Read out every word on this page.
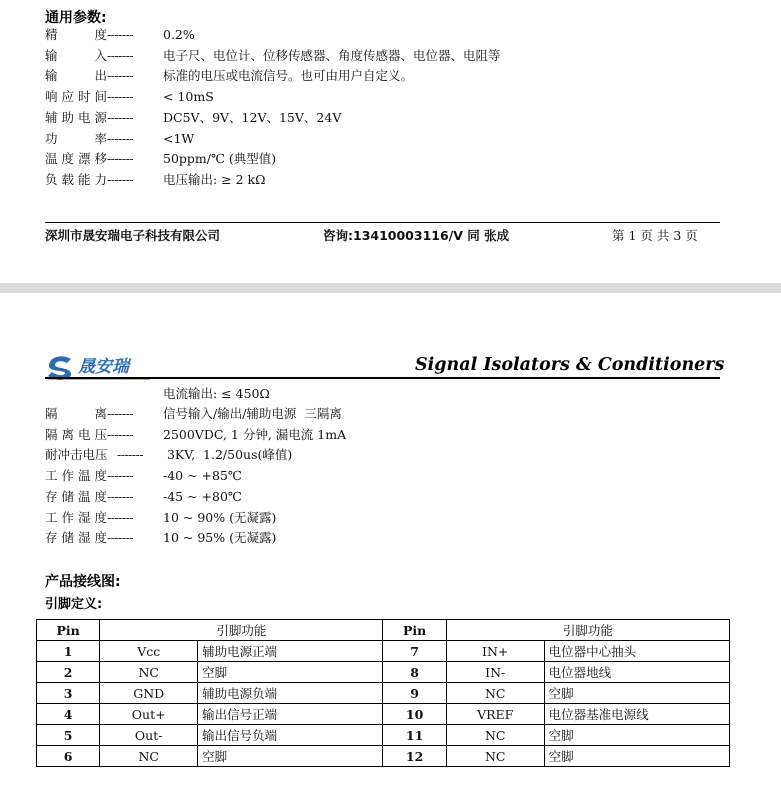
通用参数:
精  度------- 0.2%
输  入------- 电子尺、电位计、位移传感器、角度传感器、电位器、电阻等
输  出------- 标准的电压或电流信号。也可由用户自定义。
响应时间------- < 10mS
辅助电源------- DC5V、9V、12V、15V、24V
功  率------- <1W
温度漂移------- 50ppm/℃ (典型值)
负载能力------- 电压输出: ≥ 2 kΩ
深圳市晟安瑞电子科技有限公司	咨询:13410003116/V 同 张成	第 1 页 共 3 页
晟安瑞	Signal Isolators & Conditioners
电流输出: ≤ 450Ω
隔  离------- 信号输入/输出/辅助电源  三隔离
隔离电压------- 2500VDC, 1 分钟, 漏电流 1mA
耐冲击电压 ------- 3KV,  1.2/50us(峰值)
工作温度------- -40 ~ +85℃
存储温度------- -45 ~ +80℃
工作湿度------- 10 ~ 90% (无凝露)
存储湿度------- 10 ~ 95% (无凝露)
产品接线图:
引脚定义:
Pin	引脚功能		Pin	引脚功能	
1	Vcc	辅助电源正端	7	IN+	电位器中心抽头
2	NC	空脚	8	IN-	电位器地线
3	GND	辅助电源负端	9	NC	空脚
4	Out+	输出信号正端	10	VREF	电位器基准电源线
5	Out-	输出信号负端	11	NC	空脚
6	NC	空脚	12	NC	空脚
